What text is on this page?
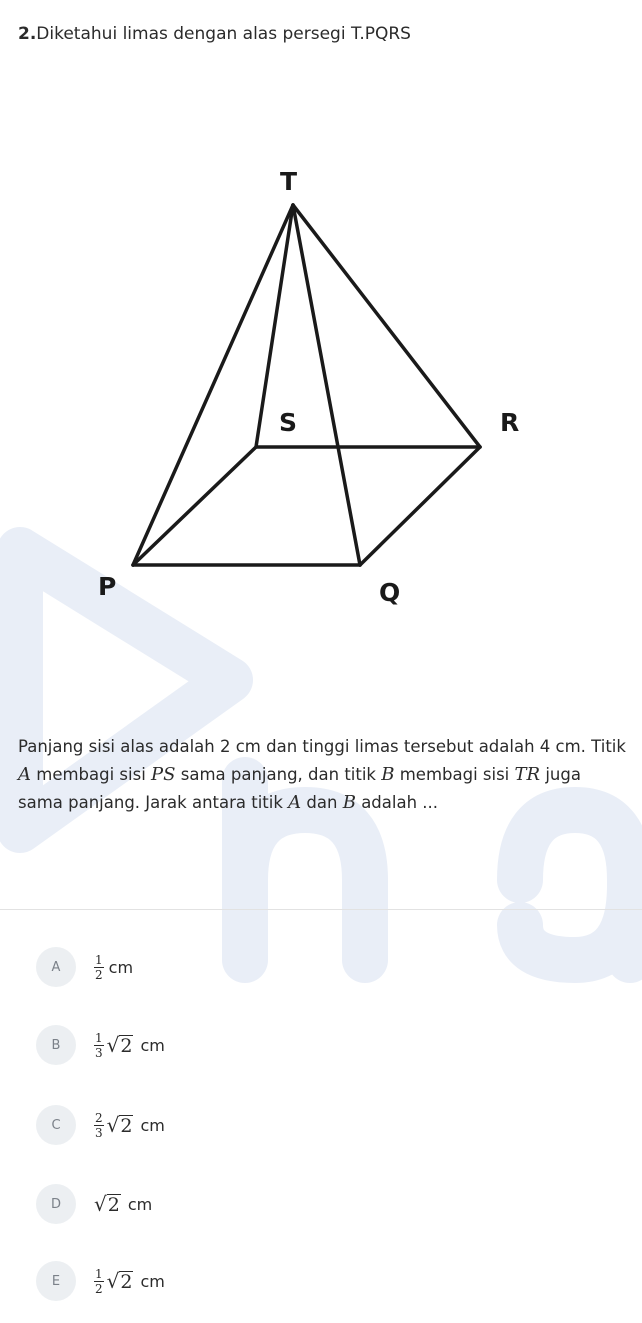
2.Diketahui limas dengan alas persegi T.PQRS
T
S	R
P	Q
Panjang sisi alas adalah 2 cm dan tinggi limas tersebut adalah 4 cm. Titik A membagi sisi PS sama panjang, dan titik B membagi sisi TR juga sama panjang. Jarak antara titik A dan B adalah ...
A	$\frac{1}{2}$ cm
B	$\frac{1}{3}$ √ 2 cm
C	$\frac{2}{3}$ √ 2 cm
D	√ 2 cm
E	$\frac{1}{2}$ √ 2 cm
